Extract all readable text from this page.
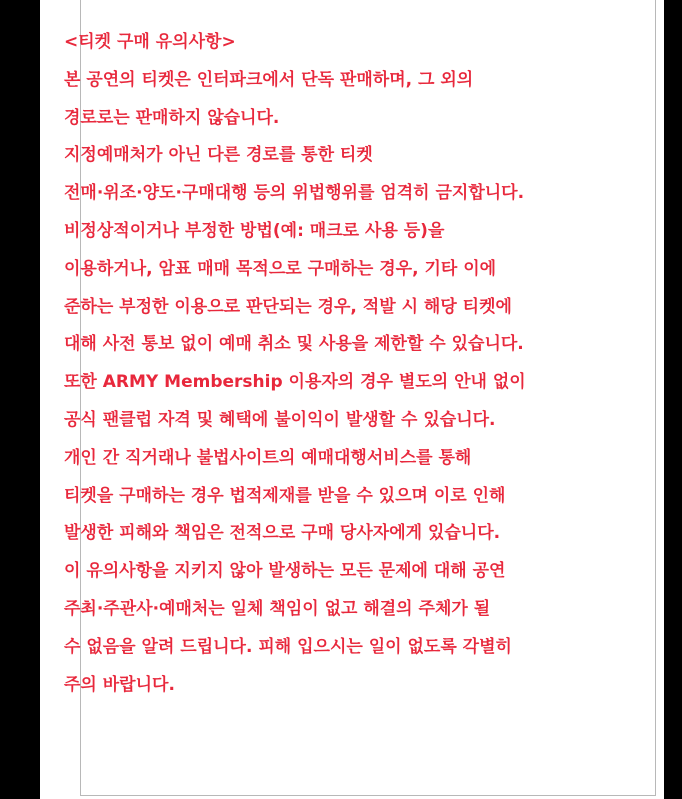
<티켓 구매 유의사항>

본 공연의 티켓은 인터파크에서 단독 판매하며, 그 외의

경로로는 판매하지 않습니다.

지정예매처가 아닌 다른 경로를 통한 티켓

전매·위조·양도·구매대행 등의 위법행위를 엄격히 금지합니다.

비정상적이거나 부정한 방법(예: 매크로 사용 등)을

이용하거나, 암표 매매 목적으로 구매하는 경우, 기타 이에

준하는 부정한 이용으로 판단되는 경우, 적발 시 해당 티켓에

대해 사전 통보 없이 예매 취소 및 사용을 제한할 수 있습니다.

또한 ARMY Membership 이용자의 경우 별도의 안내 없이

공식 팬클럽 자격 및 혜택에 불이익이 발생할 수 있습니다.

개인 간 직거래나 불법사이트의 예매대행서비스를 통해

티켓을 구매하는 경우 법적제재를 받을 수 있으며 이로 인해

발생한 피해와 책임은 전적으로 구매 당사자에게 있습니다.

이 유의사항을 지키지 않아 발생하는 모든 문제에 대해 공연

주최·주관사·예매처는 일체 책임이 없고 해결의 주체가 될

수 없음을 알려 드립니다. 피해 입으시는 일이 없도록 각별히

주의 바랍니다.
